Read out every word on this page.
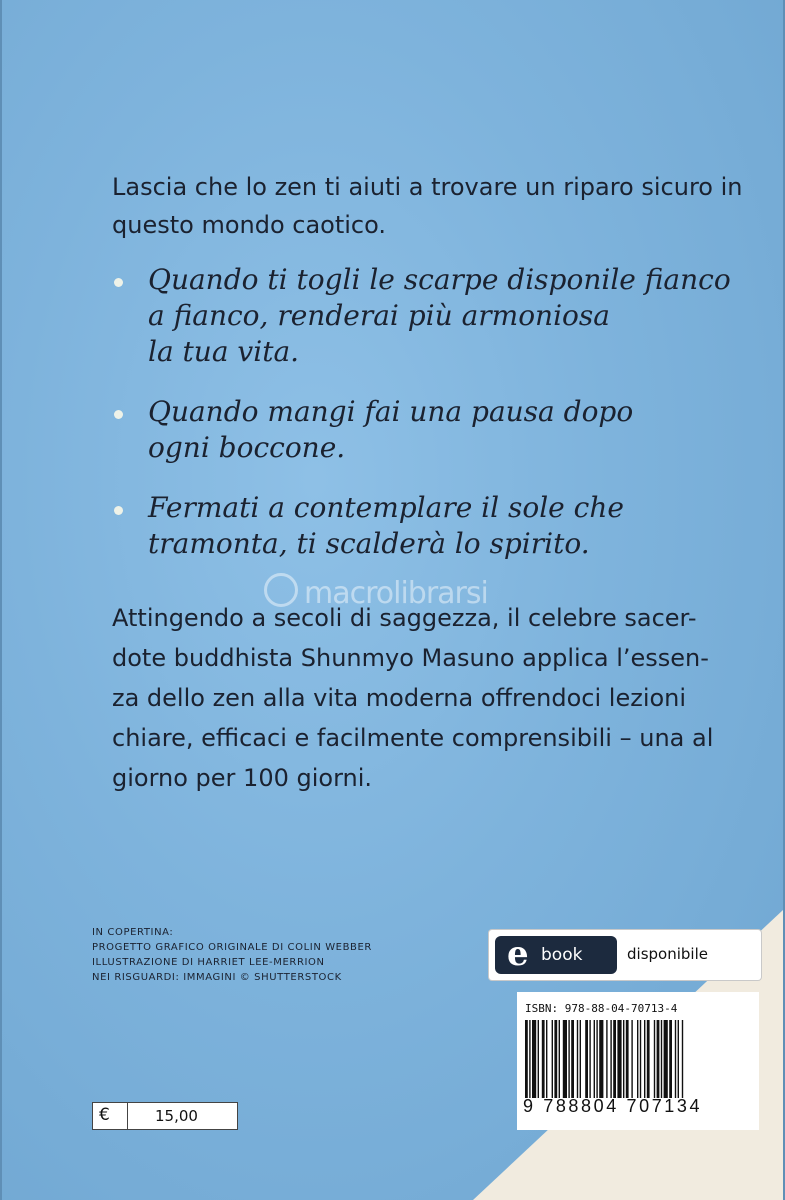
Lascia che lo zen ti aiuti a trovare un riparo sicuro in questo mondo caotico.

Quando ti togli le scarpe disponile fianco
a fianco, renderai più armoniosa
la tua vita.
Quando mangi fai una pausa dopo
ogni boccone.
Fermati a contemplare il sole che
tramonta, ti scalderà lo spirito.
macrolibrarsi

Attingendo a secoli di saggezza, il celebre sacer-
dote buddhista Shunmyo Masuno applica l’essen-
za dello zen alla vita moderna offrendoci lezioni
chiare, efficaci e facilmente comprensibili – una al
giorno per 100 giorni.

IN COPERTINA:
PROGETTO GRAFICO ORIGINALE DI COLIN WEBBER
ILLUSTRAZIONE DI HARRIET LEE-MERRION
NEI RISGUARDI: IMMAGINI © SHUTTERSTOCK
e book	disponibile
ISBN: 978-88-04-70713-4
9 788804 707134
€	15,00
